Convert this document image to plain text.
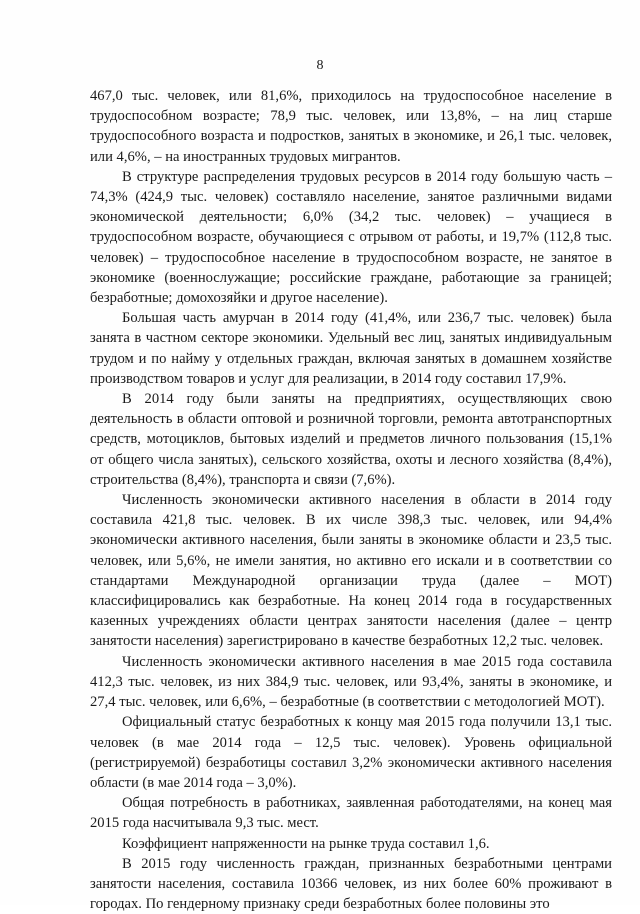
8

467,0 тыс. человек, или 81,6%, приходилось на трудоспособное население в трудоспособном возрасте; 78,9 тыс. человек, или 13,8%, – на лиц старше трудоспособного возраста и подростков, занятых в экономике, и 26,1 тыс. человек, или 4,6%, – на иностранных трудовых мигрантов.

В структуре распределения трудовых ресурсов в 2014 году большую часть – 74,3% (424,9 тыс. человек) составляло население, занятое различными видами экономической деятельности; 6,0% (34,2 тыс. человек) – учащиеся в трудоспособном возрасте, обучающиеся с отрывом от работы, и 19,7% (112,8 тыс. человек) – трудоспособное население в трудоспособном возрасте, не занятое в экономике (военнослужащие; российские граждане, работающие за границей; безработные; домохозяйки и другое население).

Большая часть амурчан в 2014 году (41,4%, или 236,7 тыс. человек) была занята в частном секторе экономики. Удельный вес лиц, занятых индивидуальным трудом и по найму у отдельных граждан, включая занятых в домашнем хозяйстве производством товаров и услуг для реализации, в 2014 году составил 17,9%.

В 2014 году были заняты на предприятиях, осуществляющих свою деятельность в области оптовой и розничной торговли, ремонта автотранспортных средств, мотоциклов, бытовых изделий и предметов личного пользования (15,1% от общего числа занятых), сельского хозяйства, охоты и лесного хозяйства (8,4%), строительства (8,4%), транспорта и связи (7,6%).

Численность экономически активного населения в области в 2014 году составила 421,8 тыс. человек. В их числе 398,3 тыс. человек, или 94,4% экономически активного населения, были заняты в экономике области и 23,5 тыс. человек, или 5,6%, не имели занятия, но активно его искали и в соответствии со стандартами Международной организации труда (далее – МОТ) классифицировались как безработные. На конец 2014 года в государственных казенных учреждениях области центрах занятости населения (далее – центр занятости населения) зарегистрировано в качестве безработных 12,2 тыс. человек.

Численность экономически активного населения в мае 2015 года составила 412,3 тыс. человек, из них 384,9 тыс. человек, или 93,4%, заняты в экономике, и 27,4 тыс. человек, или 6,6%, – безработные (в соответствии с методологией МОТ).

Официальный статус безработных к концу мая 2015 года получили 13,1 тыс. человек (в мае 2014 года – 12,5 тыс. человек). Уровень официальной (регистрируемой) безработицы составил 3,2% экономически активного населения области (в мае 2014 года – 3,0%).

Общая потребность в работниках, заявленная работодателями, на конец мая 2015 года насчитывала 9,3 тыс. мест.

Коэффициент напряженности на рынке труда составил 1,6.

В 2015 году численность граждан, признанных безработными центрами занятости населения, составила 10366 человек, из них более 60% проживают в городах. По гендерному признаку среди безработных более половины это
